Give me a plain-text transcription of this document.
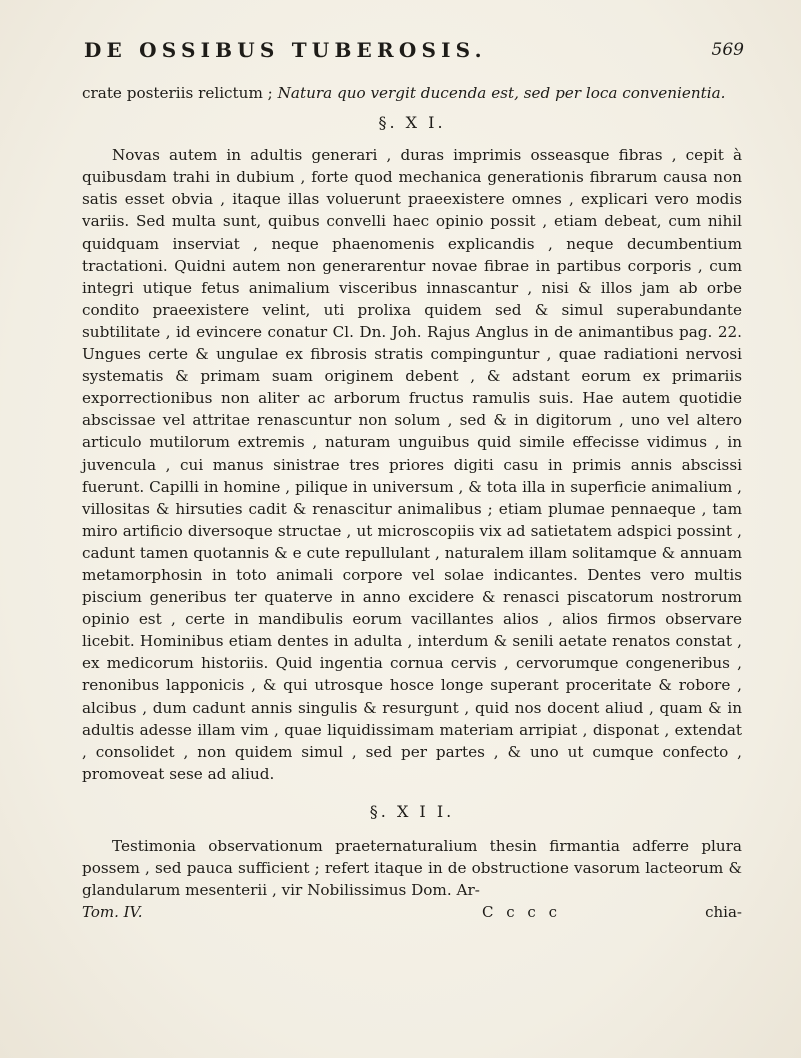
DE OSSIBUS TUBEROSIS.	569

crate posteriis relictum ; Natura quo vergit ducenda est, sed per loca convenientia.

§. X I.

Novas autem in adultis generari , duras imprimis osseasque fibras , cepit à quibusdam trahi in dubium , forte quod mechanica generationis fibrarum causa non satis esset obvia , itaque illas voluerunt praeexistere omnes , explicari vero modis variis. Sed multa sunt, quibus convelli haec opinio possit , etiam debeat, cum nihil quidquam inserviat , neque phaenomenis explicandis , neque decumbentium tractationi. Quidni autem non generarentur novae fibrae in partibus corporis , cum integri utique fetus animalium visceribus innascantur , nisi & illos jam ab orbe condito praeexistere velint, uti prolixa quidem sed & simul superabundante subtilitate , id evincere conatur Cl. Dn. Joh. Rajus Anglus in de animantibus pag. 22. Ungues certe & ungulae ex fibrosis stratis compinguntur , quae radiationi nervosi systematis & primam suam originem debent , & adstant eorum ex primariis exporrectionibus non aliter ac arborum fructus ramulis suis. Hae autem quotidie abscissae vel attritae renascuntur non solum , sed & in digitorum , uno vel altero articulo mutilorum extremis , naturam unguibus quid simile effecisse vidimus , in juvencula , cui manus sinistrae tres priores digiti casu in primis annis abscissi fuerunt. Capilli in homine , pilique in universum , & tota illa in superficie animalium , villositas & hirsuties cadit & renascitur animalibus ; etiam plumae pennaeque , tam miro artificio diversoque structae , ut microscopiis vix ad satietatem adspici possint , cadunt tamen quotannis & e cute repullulant , naturalem illam solitamque & annuam metamorphosin in toto animali corpore vel solae indicantes. Dentes vero multis piscium generibus ter quaterve in anno excidere & renasci piscatorum nostrorum opinio est , certe in mandibulis eorum vacillantes alios , alios firmos observare licebit. Hominibus etiam dentes in adulta , interdum & senili aetate renatos constat , ex medicorum historiis. Quid ingentia cornua cervis , cervorumque congeneribus , renonibus lapponicis , & qui utrosque hosce longe superant proceritate & robore , alcibus , dum cadunt annis singulis & resurgunt , quid nos docent aliud , quam & in adultis adesse illam vim , quae liquidissimam materiam arripiat , disponat , extendat , consolidet , non quidem simul , sed per partes , & uno ut cumque confecto , promoveat sese ad aliud.

§. X I I.

Testimonia observationum praeternaturalium thesin firmantia adferre plura possem , sed pauca sufficient ; refert itaque in de obstructione vasorum lacteorum & glandularum mesenterii , vir Nobilissimus Dom. Ar-

Tom. IV.	C c c c	chia-
